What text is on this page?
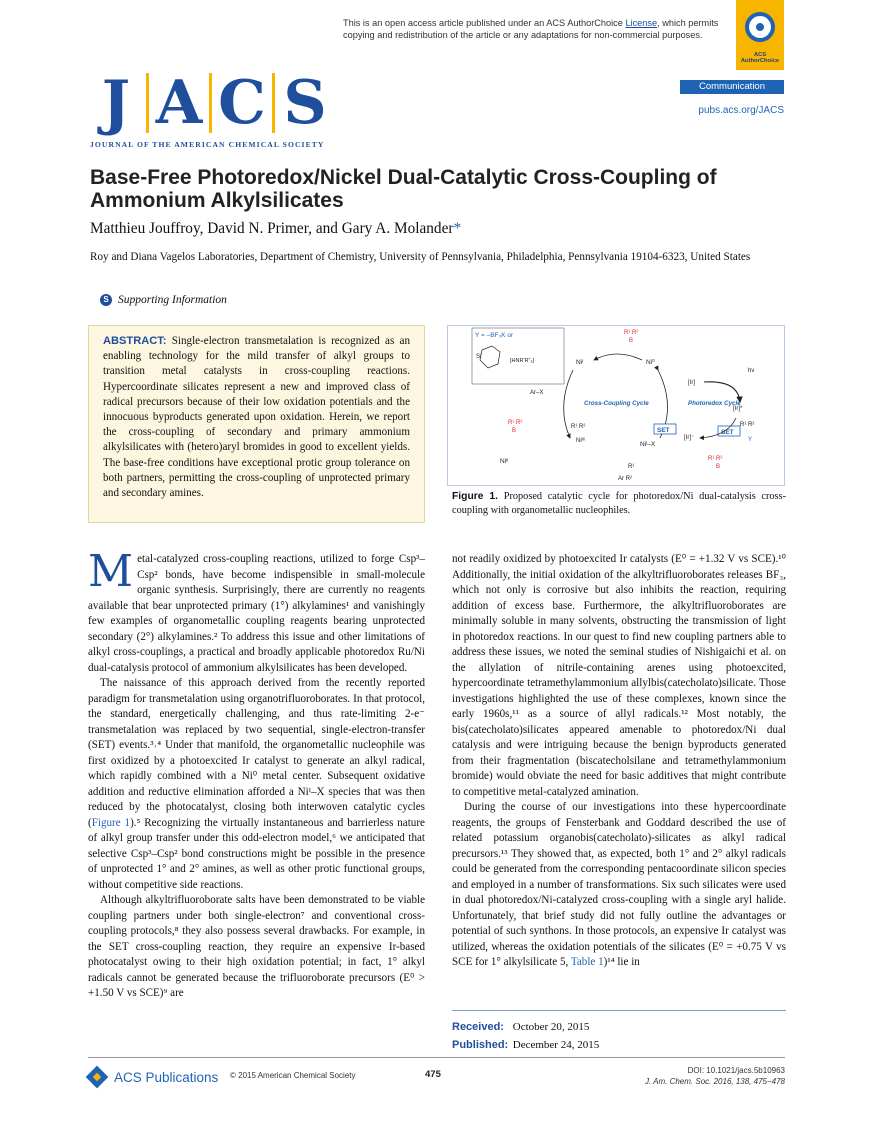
This is an open access article published under an ACS AuthorChoice License, which permits
copying and redistribution of the article or any adaptations for non-commercial purposes.
ACS AuthorChoice
J A C S
JOURNAL OF THE AMERICAN CHEMICAL SOCIETY
Communication
pubs.acs.org/JACS
Base-Free Photoredox/Nickel Dual-Catalytic Cross-Coupling of Ammonium Alkylsilicates
Matthieu Jouffroy, David N. Primer, and Gary A. Molander*
Roy and Diana Vagelos Laboratories, Department of Chemistry, University of Pennsylvania, Philadelphia, Pennsylvania 19104-6323, United States
S Supporting Information
ABSTRACT: Single-electron transmetalation is recognized as an enabling technology for the mild transfer of alkyl groups to transition metal catalysts in cross-coupling reactions. Hypercoordinate silicates represent a new and improved class of radical precursors because of their low oxidation potentials and the innocuous byproducts generated upon oxidation. Herein, we report the cross-coupling of secondary and primary ammonium alkylsilicates with (hetero)aryl bromides in good to excellent yields. The base-free conditions have exceptional protic group tolerance on both partners, permitting the cross-coupling of unprotected primary and secondary amines.
Y = –BF₃K or
[HNR'R"₂]
Si
R¹ R²
B
Niᴵ	Ni⁰
Ar–X
Cross-Coupling Cycle
SET	SET
Photoredox Cycle
[Ir]
[Ir]*
[Ir]⁻
hν
R¹ R²
Niᴵᴵᴵ	Niᴵ–X
R¹ R²
B
Niᴵᴵ
R¹
Ar R²
R¹ R²
Y
R¹ R²
B
Figure 1. Proposed catalytic cycle for photoredox/Ni dual-catalysis cross-coupling with organometallic nucleophiles.

Metal-catalyzed cross-coupling reactions, utilized to forge Csp³–Csp² bonds, have become indispensible in small-molecule organic synthesis. Surprisingly, there are currently no reagents available that bear unprotected primary (1°) alkylamines¹ and vanishingly few examples of organometallic coupling reagents bearing unprotected secondary (2°) alkylamines.² To address this issue and other limitations of alkyl cross-couplings, a practical and broadly applicable photoredox Ru/Ni dual-catalysis protocol of ammonium alkylsilicates has been developed.

The naissance of this approach derived from the recently reported paradigm for transmetalation using organotrifluoroborates. In that protocol, the standard, energetically challenging, and thus rate-limiting 2-e⁻ transmetalation was replaced by two sequential, single-electron-transfer (SET) events.³˒⁴ Under that manifold, the organometallic nucleophile was first oxidized by a photoexcited Ir catalyst to generate an alkyl radical, which rapidly combined with a Ni⁰ metal center. Subsequent oxidative addition and reductive elimination afforded a Niᴵ–X species that was then reduced by the photocatalyst, closing both interwoven catalytic cycles (Figure 1).⁵ Recognizing the virtually instantaneous and barrierless nature of alkyl group transfer under this odd-electron model,⁶ we anticipated that selective Csp³–Csp² bond constructions might be possible in the presence of unprotected 1° and 2° amines, as well as other protic functional groups, without competitive side reactions.

Although alkyltrifluoroborate salts have been demonstrated to be viable coupling partners under both single-electron⁷ and conventional cross-coupling protocols,⁸ they also possess several drawbacks. For example, in the SET cross-coupling reaction, they require an expensive Ir-based photocatalyst owing to their high oxidation potential; in fact, 1° alkyl radicals cannot be generated because the trifluoroborate precursors (E⁰ > +1.50 V vs SCE)⁹ are

not readily oxidized by photoexcited Ir catalysts (E⁰ = +1.32 V vs SCE).¹⁰ Additionally, the initial oxidation of the alkyltrifluoroborates releases BF₃, which not only is corrosive but also inhibits the reaction, requiring addition of excess base. Furthermore, the alkyltrifluoroborates are minimally soluble in many solvents, obstructing the transmission of light in photoredox reactions. In our quest to find new coupling partners able to address these issues, we noted the seminal studies of Nishigaichi et al. on the allylation of nitrile-containing arenes using photoexcited, hypercoordinate tetramethylammonium allylbis(catecholato)silicate. Those investigations highlighted the use of these complexes, known since the early 1960s,¹¹ as a source of allyl radicals.¹² Most notably, the bis(catecholato)silicates appeared amenable to photoredox/Ni dual catalysis and were intriguing because the benign byproducts generated from their fragmentation (biscatecholsilane and tetramethylammonium bromide) would obviate the need for basic additives that might contribute to competitive metal-catalyzed amination.

During the course of our investigations into these hypercoordinate reagents, the groups of Fensterbank and Goddard described the use of related potassium organobis(catecholato)-silicates as alkyl radical precursors.¹³ They showed that, as expected, both 1° and 2° alkyl radicals could be generated from the corresponding pentacoordinate silicon species and employed in a number of transformations. Six such silicates were used in dual photoredox/Ni-catalyzed cross-coupling with a single aryl halide. Unfortunately, that brief study did not fully outline the advantages or potential of such synthons. In those protocols, an expensive Ir catalyst was utilized, whereas the oxidation potentials of the silicates (E⁰ = +0.75 V vs SCE for 1° alkylsilicate 5, Table 1)¹⁴ lie in

Received: October 20, 2015
Published: December 24, 2015
ACS Publications © 2015 American Chemical Society	475	DOI: 10.1021/jacs.5b10963
J. Am. Chem. Soc. 2016, 138, 475−478
